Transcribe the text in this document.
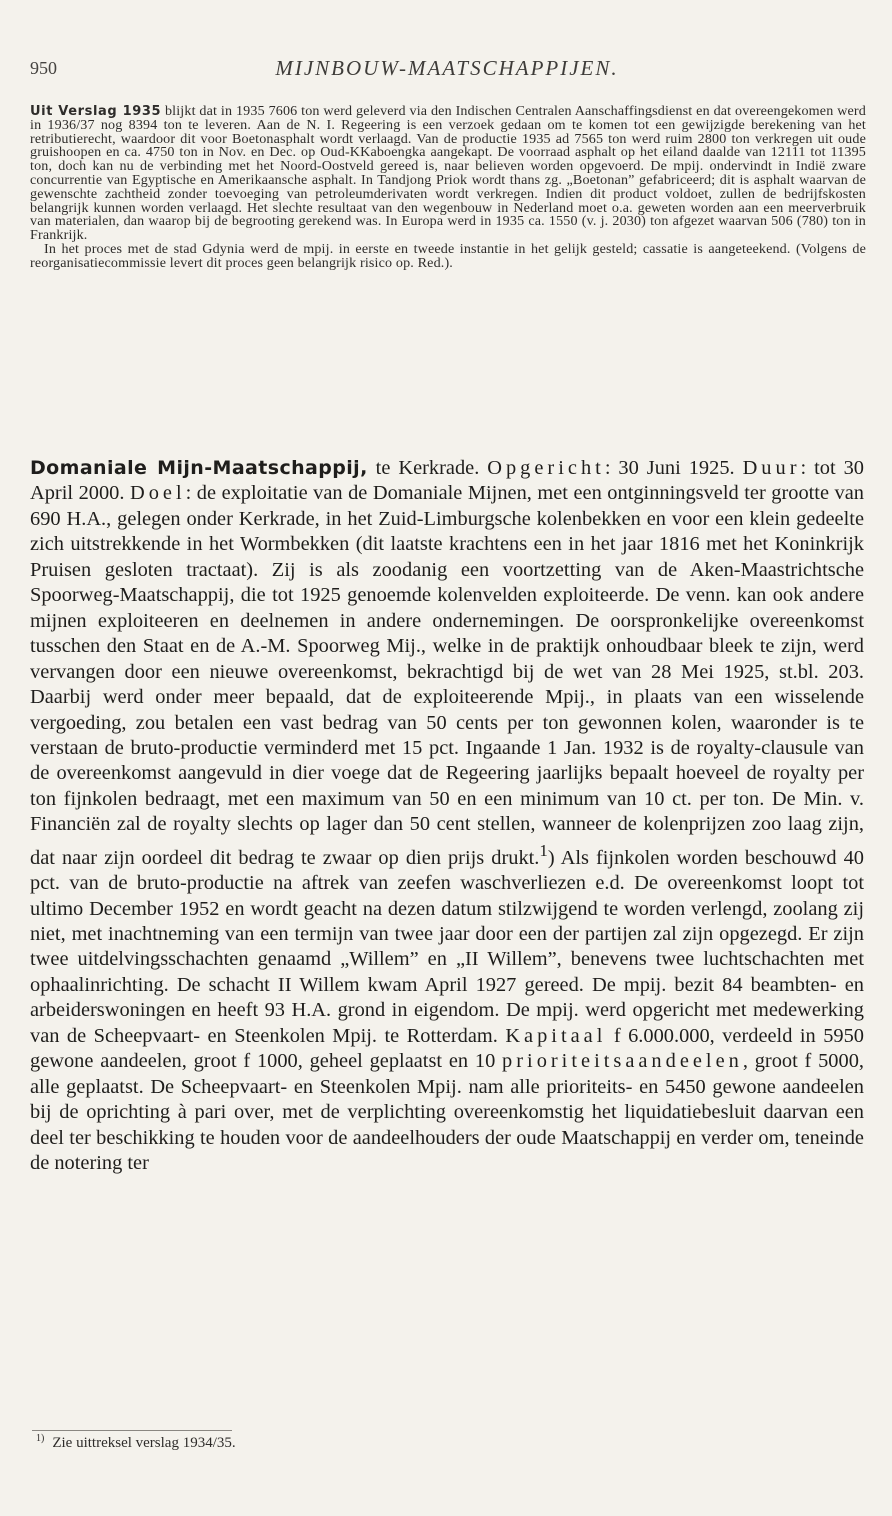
950	MIJNBOUW-MAATSCHAPPIJEN.

Uit Verslag 1935 blijkt dat in 1935 7606 ton werd geleverd via den Indischen Centralen Aanschaffingsdienst en dat overeengekomen werd in 1936/37 nog 8394 ton te leveren. Aan de N. I. Regeering is een verzoek gedaan om te komen tot een gewijzigde berekening van het retributierecht, waardoor dit voor Boetonasphalt wordt verlaagd. Van de productie 1935 ad 7565 ton werd ruim 2800 ton verkregen uit oude gruishoopen en ca. 4750 ton in Nov. en Dec. op Oud-KKaboengka aangekapt. De voorraad asphalt op het eiland daalde van 12111 tot 11395 ton, doch kan nu de verbinding met het Noord-Oostveld gereed is, naar believen worden opgevoerd. De mpij. ondervindt in Indië zware concurrentie van Egyptische en Amerikaansche asphalt. In Tandjong Priok wordt thans zg. „Boetonan” gefabriceerd; dit is asphalt waarvan de gewenschte zachtheid zonder toevoeging van petroleumderivaten wordt verkregen. Indien dit product voldoet, zullen de bedrijfskosten belangrijk kunnen worden verlaagd. Het slechte resultaat van den wegenbouw in Nederland moet o.a. geweten worden aan een meerverbruik van materialen, dan waarop bij de begrooting gerekend was. In Europa werd in 1935 ca. 1550 (v. j. 2030) ton afgezet waarvan 506 (780) ton in Frankrijk.

In het proces met de stad Gdynia werd de mpij. in eerste en tweede instantie in het gelijk gesteld; cassatie is aangeteekend. (Volgens de reorganisatiecommissie levert dit proces geen belangrijk risico op. Red.).

Domaniale Mijn-Maatschappij, te Kerkrade. Opgericht: 30 Juni 1925. Duur: tot 30 April 2000. Doel: de exploitatie van de Domaniale Mijnen, met een ontginningsveld ter grootte van 690 H.A., gelegen onder Kerkrade, in het Zuid-Limburgsche kolenbekken en voor een klein gedeelte zich uitstrekkende in het Wormbekken (dit laatste krachtens een in het jaar 1816 met het Koninkrijk Pruisen gesloten tractaat). Zij is als zoodanig een voortzetting van de Aken-Maastrichtsche Spoorweg-Maatschappij, die tot 1925 genoemde kolenvelden exploiteerde. De venn. kan ook andere mijnen exploiteeren en deelnemen in andere ondernemingen. De oorspronkelijke overeenkomst tusschen den Staat en de A.-M. Spoorweg Mij., welke in de praktijk onhoudbaar bleek te zijn, werd vervangen door een nieuwe overeenkomst, bekrachtigd bij de wet van 28 Mei 1925, st.bl. 203. Daarbij werd onder meer bepaald, dat de exploiteerende Mpij., in plaats van een wisselende vergoeding, zou betalen een vast bedrag van 50 cents per ton gewonnen kolen, waaronder is te verstaan de bruto-productie verminderd met 15 pct. Ingaande 1 Jan. 1932 is de royalty-clausule van de overeenkomst aangevuld in dier voege dat de Regeering jaarlijks bepaalt hoeveel de royalty per ton fijnkolen bedraagt, met een maximum van 50 en een minimum van 10 ct. per ton. De Min. v. Financiën zal de royalty slechts op lager dan 50 cent stellen, wanneer de kolenprijzen zoo laag zijn, dat naar zijn oordeel dit bedrag te zwaar op dien prijs drukt.$^1$) Als fijnkolen worden beschouwd 40 pct. van de bruto-productie na aftrek van zeefen waschverliezen e.d. De overeenkomst loopt tot ultimo December 1952 en wordt geacht na dezen datum stilzwijgend te worden verlengd, zoolang zij niet, met inachtneming van een termijn van twee jaar door een der partijen zal zijn opgezegd. Er zijn twee uitdelvingsschachten genaamd „Willem” en „II Willem”, benevens twee luchtschachten met ophaalinrichting. De schacht II Willem kwam April 1927 gereed. De mpij. bezit 84 beambten- en arbeiderswoningen en heeft 93 H.A. grond in eigendom. De mpij. werd opgericht met medewerking van de Scheepvaart- en Steenkolen Mpij. te Rotterdam. Kapitaal f 6.000.000, verdeeld in 5950 gewone aandeelen, groot f 1000, geheel geplaatst en 10 prioriteitsaandeelen, groot f 5000, alle geplaatst. De Scheepvaart- en Steenkolen Mpij. nam alle prioriteits- en 5450 gewone aandeelen bij de oprichting à pari over, met de verplichting overeenkomstig het liquidatiebesluit daarvan een deel ter beschikking te houden voor de aandeelhouders der oude Maatschappij en verder om, teneinde de notering ter

$^{1)}$ Zie uittreksel verslag 1934/35.
